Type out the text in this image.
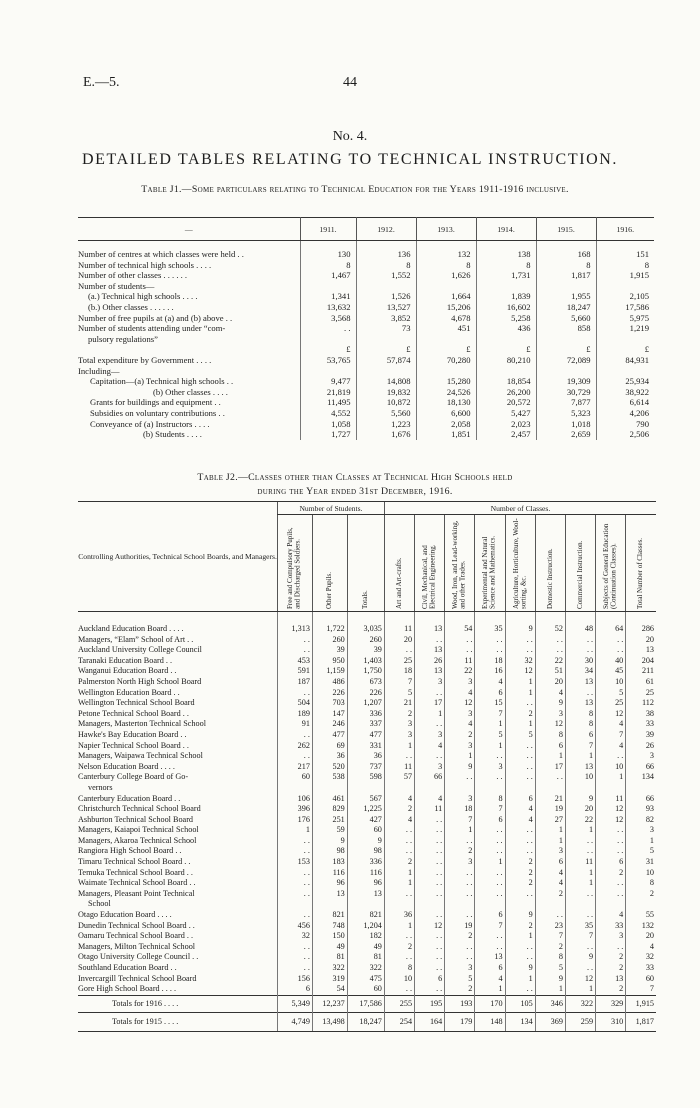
E.—5.	44
No. 4.
DETAILED TABLES RELATING TO TECHNICAL INSTRUCTION.
Table J1.—Some particulars relating to Technical Education for the Years 1911-1916 inclusive.
—	1911.	1912.	1913.	1914.	1915.	1916.
Number of centres at which classes were held . .	130	136	132	138	168	151
Number of technical high schools . . . .	8	8	8	8	8	8
Number of other classes . . . . . .	1,467	1,552	1,626	1,731	1,817	1,915
Number of students—						
(a.) Technical high schools . . . .	1,341	1,526	1,664	1,839	1,955	2,105
(b.) Other classes . . . . . .	13,632	13,527	15,206	16,602	18,247	17,586
Number of free pupils at (a) and (b) above . .	3,568	3,852	4,678	5,258	5,660	5,975
Number of students attending under “com-	. .	73	451	436	858	1,219
pulsory regulations”						
	£	£	£	£	£	£
Total expenditure by Government . . . .	53,765	57,874	70,280	80,210	72,089	84,931
Including—						
Capitation—(a) Technical high schools . .	9,477	14,808	15,280	18,854	19,309	25,934
(b) Other classes . . . .	21,819	19,832	24,526	26,200	30,729	38,922
Grants for buildings and equipment . .	11,495	10,872	18,130	20,572	7,877	6,614
Subsidies on voluntary contributions . .	4,552	5,560	6,600	5,427	5,323	4,206
Conveyance of (a) Instructors . . . .	1,058	1,223	2,058	2,023	1,018	790
(b) Students . . . .	1,727	1,676	1,851	2,457	2,659	2,506
Table J2.—Classes other than Classes at Technical High Schools held
during the Year ended 31st December, 1916.
Controlling Authorities, Technical School Boards, and Managers.	Number of Students.			Number of Classes.								

	Free and Compulsory Pupils, and Discharged Soldiers.	Other Pupils.	Totals.	Art and Art-crafts.	Civil, Mechanical, and Electrical Engineering.	Wood, Iron, and Lead-working, and other Trades.	Experimental and Natural Science and Mathematics.	Agriculture, Horticulture, Wool-sorting, &c.	Domestic Instruction.	Commercial Instruction.	Subjects of General Education (Continuation Classes).	Total Number of Classes.

Auckland Education Board . . . .	1,313	1,722	3,035	11	13	54	35	9	52	48	64	286
Managers, “Elam” School of Art . .	. .	260	260	20	. .	. .	. .	. .	. .	. .	. .	20
Auckland University College Council	. .	39	39	. .	13	. .	. .	. .	. .	. .	. .	13
Taranaki Education Board . .	453	950	1,403	25	26	11	18	32	22	30	40	204
Wanganui Education Board . .	591	1,159	1,750	18	13	22	16	12	51	34	45	211
Palmerston North High School Board	187	486	673	7	3	3	4	1	20	13	10	61
Wellington Education Board . .	. .	226	226	5	. .	4	6	1	4	. .	5	25
Wellington Technical School Board	504	703	1,207	21	17	12	15	. .	9	13	25	112
Petone Technical School Board . .	189	147	336	2	1	3	7	2	3	8	12	38
Managers, Masterton Technical School	91	246	337	3	. .	4	1	1	12	8	4	33
Hawke's Bay Education Board . .	. .	477	477	3	3	2	5	5	8	6	7	39
Napier Technical School Board . .	262	69	331	1	4	3	1	. .	6	7	4	26
Managers, Waipawa Technical School	. .	36	36	. .	. .	1	. .	. .	1	1	. .	3
Nelson Education Board . . . .	217	520	737	11	3	9	3	. .	17	13	10	66
Canterbury College Board of Go-	60	538	598	57	66	. .	. .	. .	. .	10	1	134
vernors												
Canterbury Education Board . .	106	461	567	4	4	3	8	6	21	9	11	66
Christchurch Technical School Board	396	829	1,225	2	11	18	7	4	19	20	12	93
Ashburton Technical School Board	176	251	427	4	. .	7	6	4	27	22	12	82
Managers, Kaiapoi Technical School	1	59	60	. .	. .	1	. .	. .	1	1	. .	3
Managers, Akaroa Technical School	. .	9	9	. .	. .	. .	. .	. .	1	. .	. .	1
Rangiora High School Board . .	. .	98	98	. .	. .	2	. .	. .	3	. .	. .	5
Timaru Technical School Board . .	153	183	336	2	. .	3	1	2	6	11	6	31
Temuka Technical School Board . .	. .	116	116	1	. .	. .	. .	2	4	1	2	10
Waimate Technical School Board . .	. .	96	96	1	. .	. .	. .	2	4	1	. .	8
Managers, Pleasant Point Technical	. .	13	13	. .	. .	. .	. .	. .	2	. .	. .	2
School												
Otago Education Board . . . .	. .	821	821	36	. .	. .	6	9	. .	. .	4	55
Dunedin Technical School Board . .	456	748	1,204	1	12	19	7	2	23	35	33	132
Oamaru Technical School Board . .	32	150	182	. .	. .	2	. .	1	7	7	3	20
Managers, Milton Technical School	. .	49	49	2	. .	. .	. .	. .	2	. .	. .	4
Otago University College Council . .	. .	81	81	. .	. .	. .	13	. .	8	9	2	32
Southland Education Board . .	. .	322	322	8	. .	3	6	9	5	. .	2	33
Invercargill Technical School Board	156	319	475	10	6	5	4	1	9	12	13	60
Gore High School Board . . . .	6	54	60	. .	. .	2	1	. .	1	1	2	7
Totals for 1916 . . . .	5,349	12,237	17,586	255	195	193	170	105	346	322	329	1,915
Totals for 1915 . . . .	4,749	13,498	18,247	254	164	179	148	134	369	259	310	1,817
